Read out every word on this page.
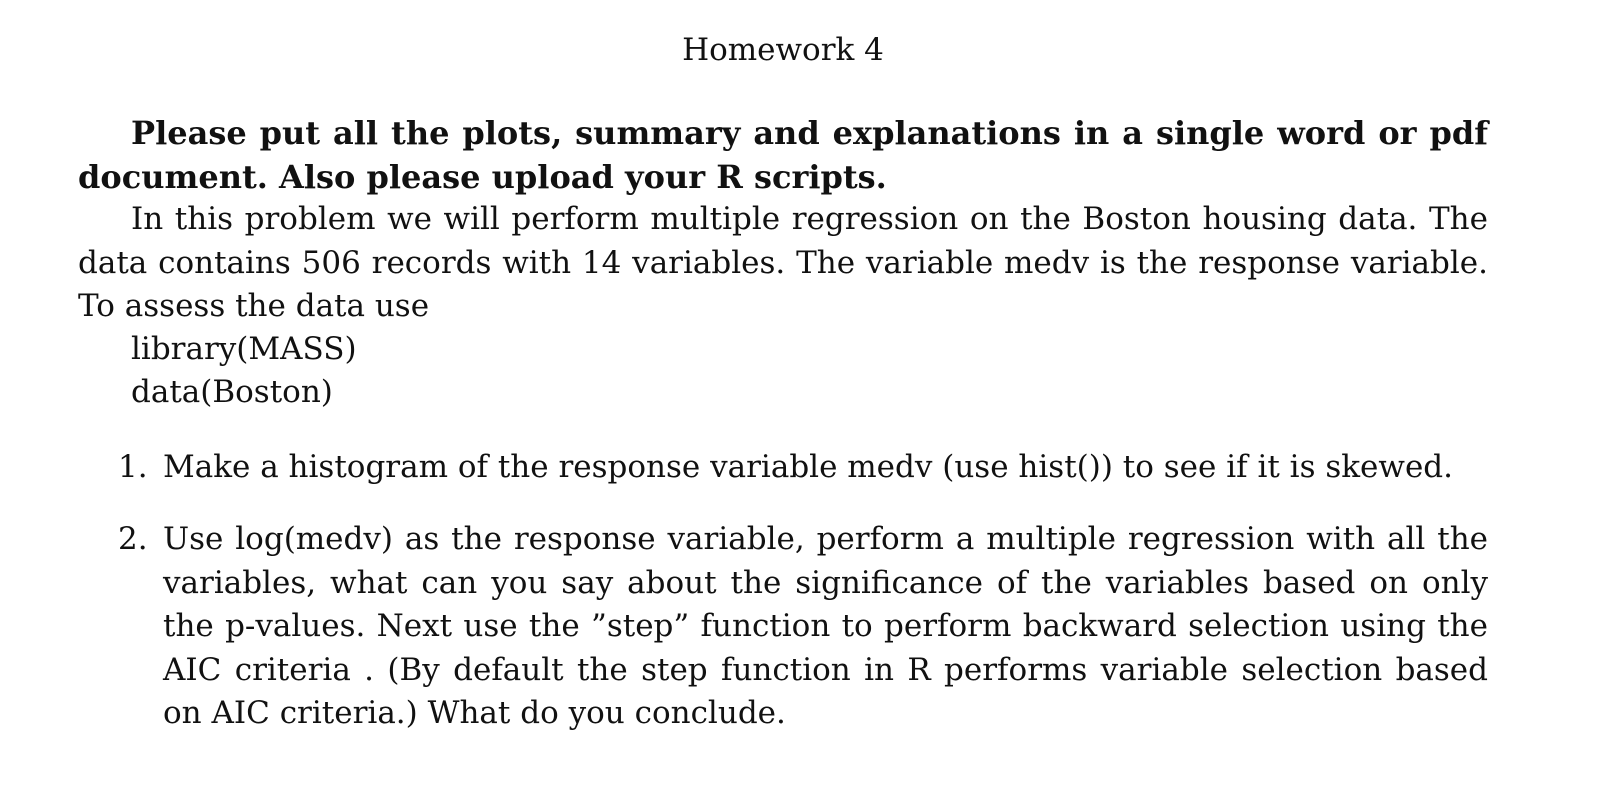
Homework 4

Please put all the plots, summary and explanations in a single word or pdf document. Also please upload your R scripts.

In this problem we will perform multiple regression on the Boston housing data. The data contains 506 records with 14 variables. The variable medv is the response variable. To assess the data use

library(MASS)
data(Boston)
1. Make a histogram of the response variable medv (use hist()) to see if it is skewed.
2. Use log(medv) as the response variable, perform a multiple regression with all the variables, what can you say about the significance of the variables based on only the p-values. Next use the ”step” function to perform backward selection using the AIC criteria . (By default the step function in R performs variable selection based on AIC criteria.) What do you conclude.
